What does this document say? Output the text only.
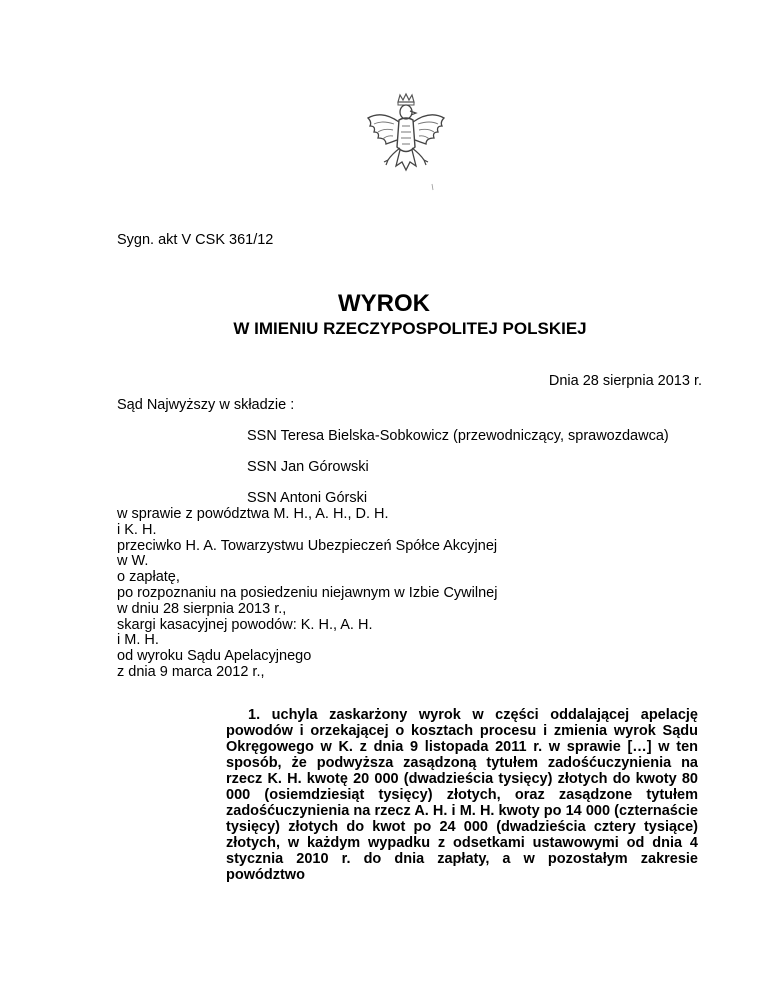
Sygn. akt V CSK 361/12
WYROK
W IMIENIU RZECZYPOSPOLITEJ POLSKIEJ
Dnia 28 sierpnia 2013 r.
Sąd Najwyższy w składzie :
SSN Teresa Bielska-Sobkowicz (przewodniczący, sprawozdawca)
SSN Jan Górowski
SSN Antoni Górski
w sprawie z powództwa M. H., A. H., D. H.
i K. H.
przeciwko H. A. Towarzystwu Ubezpieczeń Spółce Akcyjnej
w W.
o zapłatę,
po rozpoznaniu na posiedzeniu niejawnym w Izbie Cywilnej
w dniu 28 sierpnia 2013 r.,
skargi kasacyjnej powodów: K. H., A. H.
i M. H.
od wyroku Sądu Apelacyjnego
z dnia 9 marca 2012 r.,
1. uchyla zaskarżony wyrok w części oddalającej apelację powodów i orzekającej o kosztach procesu i zmienia wyrok Sądu Okręgowego w K. z dnia 9 listopada 2011 r. w sprawie […] w ten sposób, że podwyższa zasądzoną tytułem zadośćuczynienia na rzecz K. H. kwotę 20 000 (dwadzieścia tysięcy) złotych do kwoty 80 000 (osiemdziesiąt tysięcy) złotych, oraz zasądzone tytułem zadośćuczynienia na rzecz A. H. i M. H. kwoty po 14 000 (czternaście tysięcy) złotych do kwot po 24 000 (dwadzieścia cztery tysiące) złotych, w każdym wypadku z odsetkami ustawowymi od dnia 4 stycznia 2010 r. do dnia zapłaty, a w pozostałym zakresie powództwo
